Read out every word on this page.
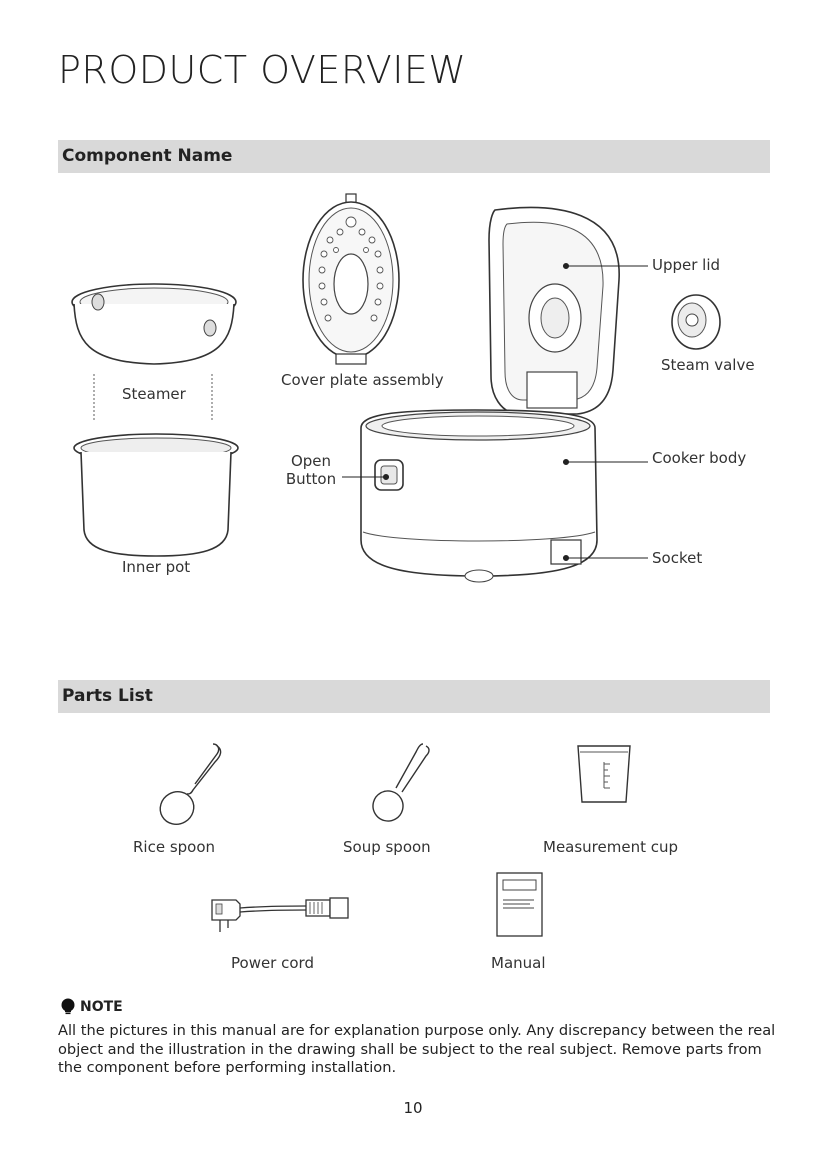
PRODUCT OVERVIEW
Component Name
Steamer
Inner pot
Cover plate assembly
Upper lid
Steam valve
Cooker body
Socket
Open
Button
Parts List
Rice spoon	Soup spoon	Measurement cup
Power cord	Manual
NOTE
All the pictures in this manual are for explanation purpose only. Any discrepancy between the real object and the illustration in the drawing shall be subject to the real subject. Remove parts from the component before performing installation.
10
